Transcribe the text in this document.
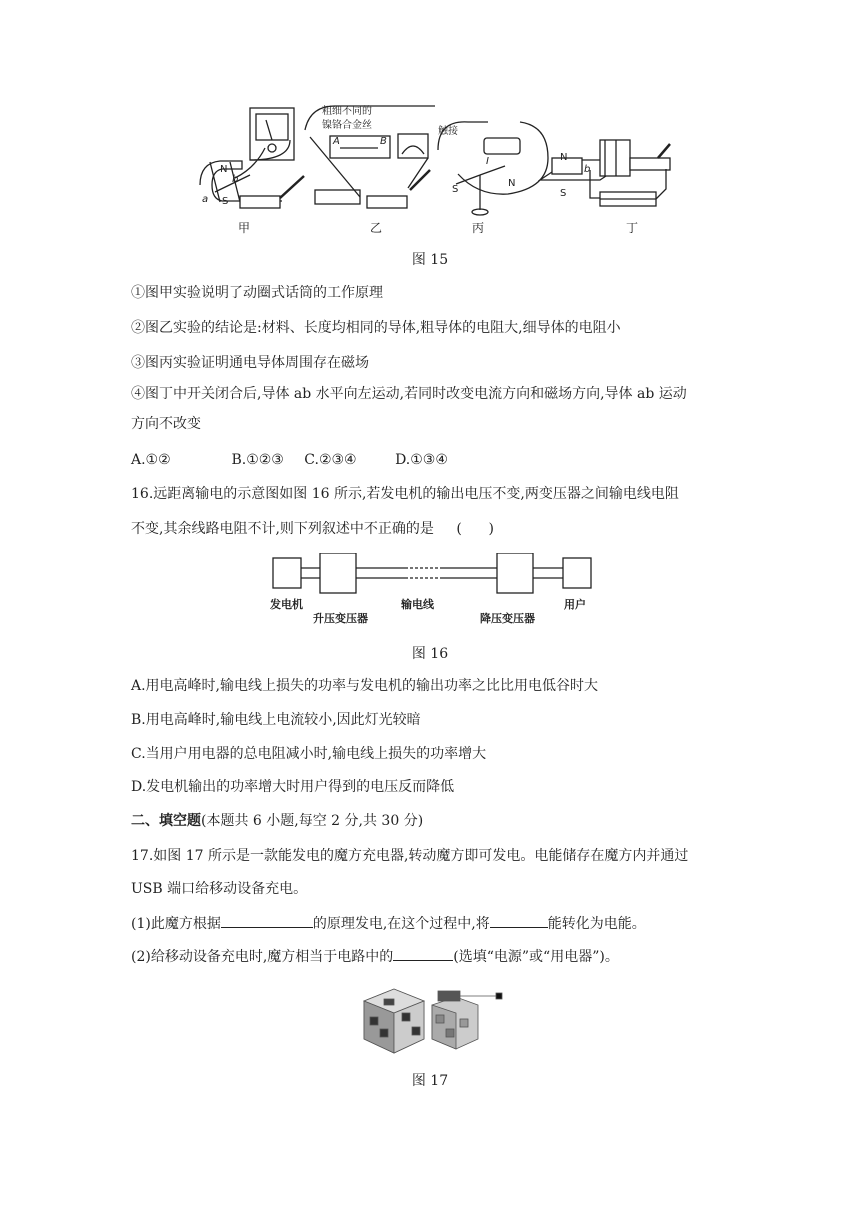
N
S
a
b
粗细不同的
镍铬合金丝
A	B
触接
I
S
N
N
S
b
甲	乙	丙	丁
图 15
①图甲实验说明了动圈式话筒的工作原理
②图乙实验的结论是:材料、长度均相同的导体,粗导体的电阻大,细导体的电阻小
③图丙实验证明通电导体周围存在磁场
④图丁中开关闭合后,导体 ab 水平向左运动,若同时改变电流方向和磁场方向,导体 ab 运动
方向不改变
A.①②	B.①②③ C.②③④	D.①③④
16.远距离输电的示意图如图 16 所示,若发电机的输出电压不变,两变压器之间输电线电阻
不变,其余线路电阻不计,则下列叙述中不正确的是 (      )
发电机
升压变压器
输电线
降压变压器
用户
图 16
A.用电高峰时,输电线上损失的功率与发电机的输出功率之比比用电低谷时大
B.用电高峰时,输电线上电流较小,因此灯光较暗
C.当用户用电器的总电阻减小时,输电线上损失的功率增大
D.发电机输出的功率增大时用户得到的电压反而降低
二、填空题(本题共 6 小题,每空 2 分,共 30 分)
17.如图 17 所示是一款能发电的魔方充电器,转动魔方即可发电。电能储存在魔方内并通过
USB 端口给移动设备充电。
(1)此魔方根据	的原理发电,在这个过程中,将	能转化为电能。
(2)给移动设备充电时,魔方相当于电路中的	(选填“电源”或“用电器”)。
图 17
